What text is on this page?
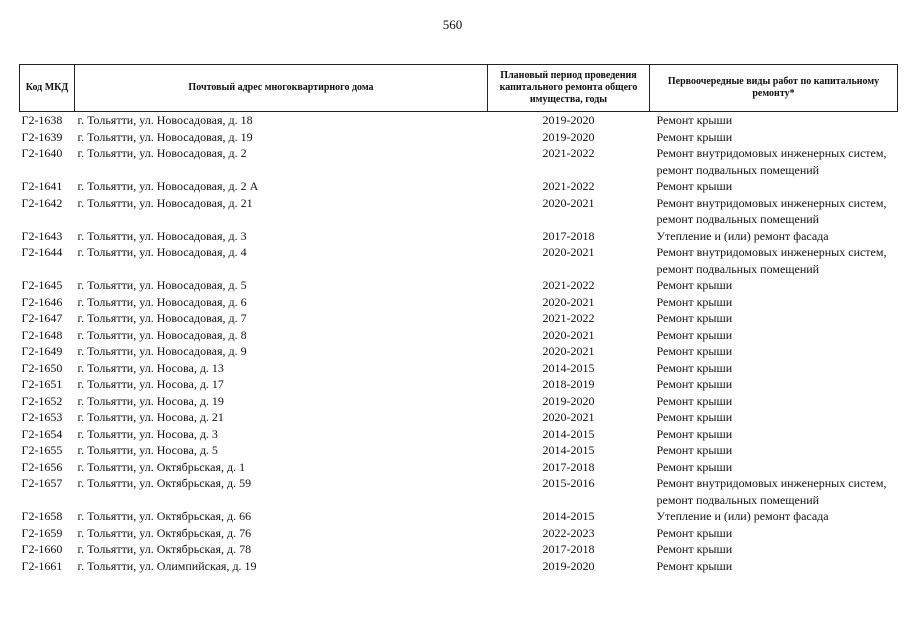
560
Код МКД	Почтовый адрес многоквартирного дома	Плановый период проведения капитального ремонта общего имущества, годы	Первоочередные виды работ по капитальному ремонту*
Г2-1638	г. Тольятти, ул. Новосадовая, д. 18	2019-2020	Ремонт крыши
Г2-1639	г. Тольятти, ул. Новосадовая, д. 19	2019-2020	Ремонт крыши
Г2-1640	г. Тольятти, ул. Новосадовая, д. 2	2021-2022	Ремонт внутридомовых инженерных систем, ремонт подвальных помещений
Г2-1641	г. Тольятти, ул. Новосадовая, д. 2 А	2021-2022	Ремонт крыши
Г2-1642	г. Тольятти, ул. Новосадовая, д. 21	2020-2021	Ремонт внутридомовых инженерных систем, ремонт подвальных помещений
Г2-1643	г. Тольятти, ул. Новосадовая, д. 3	2017-2018	Утепление и (или) ремонт фасада
Г2-1644	г. Тольятти, ул. Новосадовая, д. 4	2020-2021	Ремонт внутридомовых инженерных систем, ремонт подвальных помещений
Г2-1645	г. Тольятти, ул. Новосадовая, д. 5	2021-2022	Ремонт крыши
Г2-1646	г. Тольятти, ул. Новосадовая, д. 6	2020-2021	Ремонт крыши
Г2-1647	г. Тольятти, ул. Новосадовая, д. 7	2021-2022	Ремонт крыши
Г2-1648	г. Тольятти, ул. Новосадовая, д. 8	2020-2021	Ремонт крыши
Г2-1649	г. Тольятти, ул. Новосадовая, д. 9	2020-2021	Ремонт крыши
Г2-1650	г. Тольятти, ул. Носова, д. 13	2014-2015	Ремонт крыши
Г2-1651	г. Тольятти, ул. Носова, д. 17	2018-2019	Ремонт крыши
Г2-1652	г. Тольятти, ул. Носова, д. 19	2019-2020	Ремонт крыши
Г2-1653	г. Тольятти, ул. Носова, д. 21	2020-2021	Ремонт крыши
Г2-1654	г. Тольятти, ул. Носова, д. 3	2014-2015	Ремонт крыши
Г2-1655	г. Тольятти, ул. Носова, д. 5	2014-2015	Ремонт крыши
Г2-1656	г. Тольятти, ул. Октябрьская, д. 1	2017-2018	Ремонт крыши
Г2-1657	г. Тольятти, ул. Октябрьская, д. 59	2015-2016	Ремонт внутридомовых инженерных систем, ремонт подвальных помещений
Г2-1658	г. Тольятти, ул. Октябрьская, д. 66	2014-2015	Утепление и (или) ремонт фасада
Г2-1659	г. Тольятти, ул. Октябрьская, д. 76	2022-2023	Ремонт крыши
Г2-1660	г. Тольятти, ул. Октябрьская, д. 78	2017-2018	Ремонт крыши
Г2-1661	г. Тольятти, ул. Олимпийская, д. 19	2019-2020	Ремонт крыши
